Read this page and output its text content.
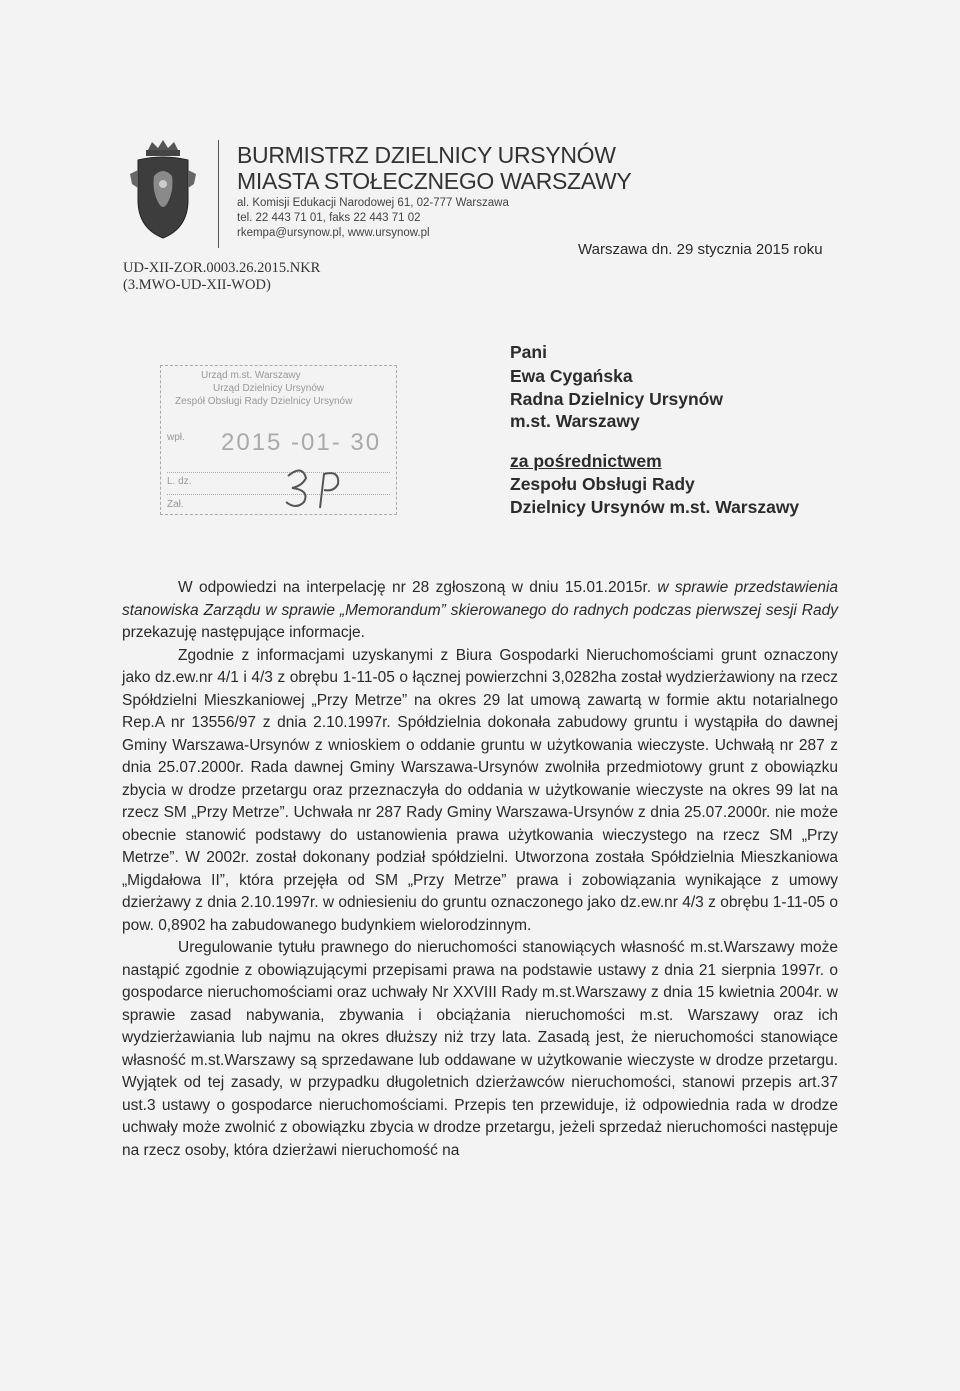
BURMISTRZ DZIELNICY URSYNÓW
MIASTA STOŁECZNEGO WARSZAWY
al. Komisji Edukacji Narodowej 61, 02-777 Warszawa
tel. 22 443 71 01, faks 22 443 71 02
rkempa@ursynow.pl, www.ursynow.pl
UD-XII-ZOR.0003.26.2015.NKR
(3.MWO-UD-XII-WOD)
Warszawa dn. 29 stycznia 2015 roku
Pani
Ewa Cygańska
Radna Dzielnicy Ursynów
m.st. Warszawy
za pośrednictwem
Zespołu Obsługi Rady
Dzielnicy Ursynów m.st. Warszawy
Urząd m.st. Warszawy
Urząd Dzielnicy Ursynów
Zespół Obsługi Rady Dzielnicy Ursynów
wpł. 2015 -01- 30
L. dz.
Zał.

W odpowiedzi na interpelację nr 28 zgłoszoną w dniu 15.01.2015r. w sprawie przedstawienia stanowiska Zarządu w sprawie „Memorandum” skierowanego do radnych podczas pierwszej sesji Rady przekazuję następujące informacje.

Zgodnie z informacjami uzyskanymi z Biura Gospodarki Nieruchomościami grunt oznaczony jako dz.ew.nr 4/1 i 4/3 z obrębu 1-11-05 o łącznej powierzchni 3,0282ha został wydzierżawiony na rzecz Spółdzielni Mieszkaniowej „Przy Metrze” na okres 29 lat umową zawartą w formie aktu notarialnego Rep.A nr 13556/97 z dnia 2.10.1997r. Spółdzielnia dokonała zabudowy gruntu i wystąpiła do dawnej Gminy Warszawa-Ursynów z wnioskiem o oddanie gruntu w użytkowania wieczyste. Uchwałą nr 287 z dnia 25.07.2000r. Rada dawnej Gminy Warszawa-Ursynów zwolniła przedmiotowy grunt z obowiązku zbycia w drodze przetargu oraz przeznaczyła do oddania w użytkowanie wieczyste na okres 99 lat na rzecz SM „Przy Metrze”. Uchwała nr 287 Rady Gminy Warszawa-Ursynów z dnia 25.07.2000r. nie może obecnie stanowić podstawy do ustanowienia prawa użytkowania wieczystego na rzecz SM „Przy Metrze”. W 2002r. został dokonany podział spółdzielni. Utworzona została Spółdzielnia Mieszkaniowa „Migdałowa II”, która przejęła od SM „Przy Metrze” prawa i zobowiązania wynikające z umowy dzierżawy z dnia 2.10.1997r. w odniesieniu do gruntu oznaczonego jako dz.ew.nr 4/3 z obrębu 1-11-05 o pow. 0,8902 ha zabudowanego budynkiem wielorodzinnym.

Uregulowanie tytułu prawnego do nieruchomości stanowiących własność m.st.Warszawy może nastąpić zgodnie z obowiązującymi przepisami prawa na podstawie ustawy z dnia 21 sierpnia 1997r. o gospodarce nieruchomościami oraz uchwały Nr XXVIII Rady m.st.Warszawy z dnia 15 kwietnia 2004r. w sprawie zasad nabywania, zbywania i obciążania nieruchomości m.st. Warszawy oraz ich wydzierżawiania lub najmu na okres dłuższy niż trzy lata. Zasadą jest, że nieruchomości stanowiące własność m.st.Warszawy są sprzedawane lub oddawane w użytkowanie wieczyste w drodze przetargu. Wyjątek od tej zasady, w przypadku długoletnich dzierżawców nieruchomości, stanowi przepis art.37 ust.3 ustawy o gospodarce nieruchomościami. Przepis ten przewiduje, iż odpowiednia rada w drodze uchwały może zwolnić z obowiązku zbycia w drodze przetargu, jeżeli sprzedaż nieruchomości następuje na rzecz osoby, która dzierżawi nieruchomość na
